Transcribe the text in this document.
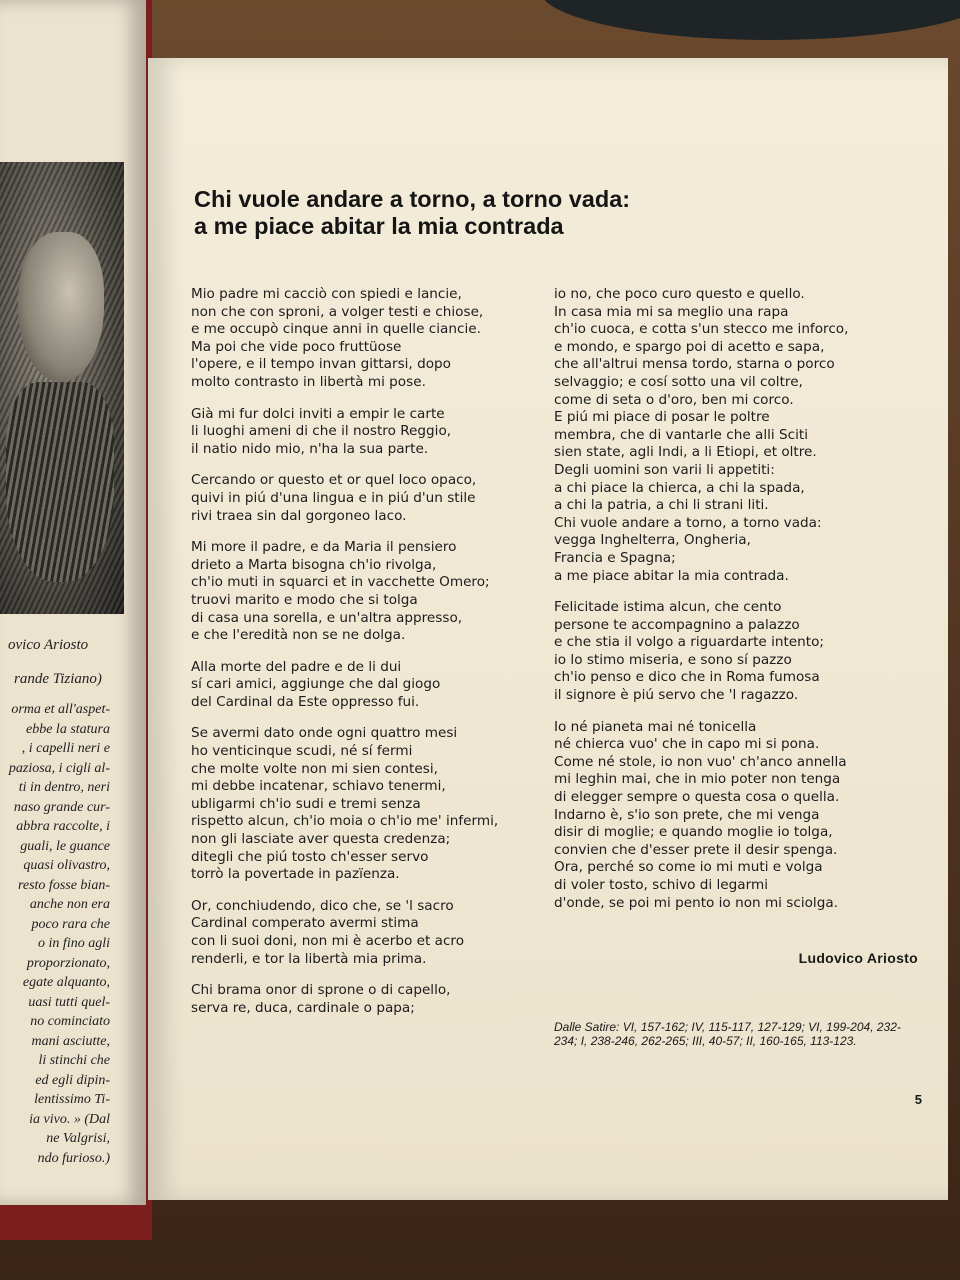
ovico Ariosto
rande Tiziano)
orma et all'aspet-
ebbe la statura
, i capelli neri e
paziosa, i cigli al-
ti in dentro, neri
naso grande cur-
abbra raccolte, i
guali, le guance
quasi olivastro,
resto fosse bian-
anche non era
poco rara che
o in fino agli
proporzionato,
egate alquanto,
uasi tutti quel-
no cominciato
mani asciutte,
li stinchi che
ed egli dipin-
lentissimo Ti-
ia vivo. » (Dal
ne Valgrisi,
ndo furioso.)
Chi vuole andare a torno, a torno vada:
a me piace abitar la mia contrada
Mio padre mi cacciò con spiedi e lancie,
non che con sproni, a volger testi e chiose,
e me occupò cinque anni in quelle ciancie.
Ma poi che vide poco fruttüose
l'opere, e il tempo invan gittarsi, dopo
molto contrasto in libertà mi pose.
Già mi fur dolci inviti a empir le carte
li luoghi ameni di che il nostro Reggio,
il natio nido mio, n'ha la sua parte.
Cercando or questo et or quel loco opaco,
quivi in piú d'una lingua e in piú d'un stile
rivi traea sin dal gorgoneo laco.
Mi more il padre, e da Maria il pensiero
drieto a Marta bisogna ch'io rivolga,
ch'io muti in squarci et in vacchette Omero;
truovi marito e modo che si tolga
di casa una sorella, e un'altra appresso,
e che l'eredità non se ne dolga.
Alla morte del padre e de li dui
sí cari amici, aggiunge che dal giogo
del Cardinal da Este oppresso fui.
Se avermi dato onde ogni quattro mesi
ho venticinque scudi, né sí fermi
che molte volte non mi sien contesi,
mi debbe incatenar, schiavo tenermi,
ubligarmi ch'io sudi e tremi senza
rispetto alcun, ch'io moia o ch'io me' infermi,
non gli lasciate aver questa credenza;
ditegli che piú tosto ch'esser servo
torrò la povertade in pazïenza.
Or, conchiudendo, dico che, se 'l sacro
Cardinal comperato avermi stima
con li suoi doni, non mi è acerbo et acro
renderli, e tor la libertà mia prima.
Chi brama onor di sprone o di capello,
serva re, duca, cardinale o papa;
io no, che poco curo questo e quello.
In casa mia mi sa meglio una rapa
ch'io cuoca, e cotta s'un stecco me inforco,
e mondo, e spargo poi di acetto e sapa,
che all'altrui mensa tordo, starna o porco
selvaggio; e cosí sotto una vil coltre,
come di seta o d'oro, ben mi corco.
E piú mi piace di posar le poltre
membra, che di vantarle che alli Sciti
sien state, agli Indi, a li Etiopi, et oltre.
Degli uomini son varii li appetiti:
a chi piace la chierca, a chi la spada,
a chi la patria, a chi li strani liti.
Chi vuole andare a torno, a torno vada:
vegga Inghelterra, Ongheria,
Francia e Spagna;
a me piace abitar la mia contrada.
Felicitade istima alcun, che cento
persone te accompagnino a palazzo
e che stia il volgo a riguardarte intento;
io lo stimo miseria, e sono sí pazzo
ch'io penso e dico che in Roma fumosa
il signore è piú servo che 'l ragazzo.
Io né pianeta mai né tonicella
né chierca vuo' che in capo mi si pona.
Come né stole, io non vuo' ch'anco annella
mi leghin mai, che in mio poter non tenga
di elegger sempre o questa cosa o quella.
Indarno è, s'io son prete, che mi venga
disir di moglie; e quando moglie io tolga,
convien che d'esser prete il desir spenga.
Ora, perché so come io mi muti e volga
di voler tosto, schivo di legarmi
d'onde, se poi mi pento io non mi sciolga.
Ludovico Ariosto
Dalle Satire: VI, 157-162; IV, 115-117, 127-129; VI, 199-204, 232-234; I, 238-246, 262-265; III, 40-57; II, 160-165, 113-123.
5
